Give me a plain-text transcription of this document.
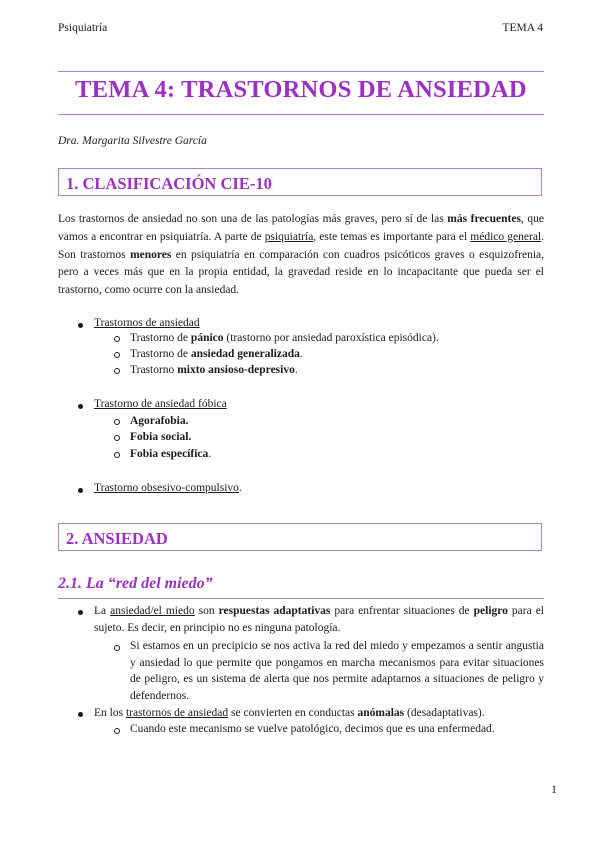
Psiquiatría	TEMA 4
TEMA 4: TRASTORNOS DE ANSIEDAD
Dra. Margarita Silvestre García
1. CLASIFICACIÓN CIE-10
Los trastornos de ansiedad no son una de las patologías más graves, pero sí de las más frecuentes, que vamos a encontrar en psiquiatría. A parte de psiquiatría, este temas es importante para el médico general. Son trastornos menores en psiquiatría en comparación con cuadros psicóticos graves o esquizofrenia, pero a veces más que en la propia entidad, la gravedad reside en lo incapacitante que pueda ser el trastorno, como ocurre con la ansiedad.
Trastornos de ansiedad
Trastorno de pánico (trastorno por ansiedad paroxística episódica).
Trastorno de ansiedad generalizada.
Trastorno mixto ansioso-depresivo.
Trastorno de ansiedad fóbica
Agorafobia.
Fobia social.
Fobia específica.
Trastorno obsesivo-compulsivo.
2. ANSIEDAD
2.1. La “red del miedo”
La ansiedad/el miedo son respuestas adaptativas para enfrentar situaciones de peligro para el sujeto. Es decir, en principio no es ninguna patología.
Si estamos en un precipicio se nos activa la red del miedo y empezamos a sentir angustia y ansiedad lo que permite que pongamos en marcha mecanismos para evitar situaciones de peligro, es un sistema de alerta que nos permite adaptarnos a situaciones de peligro y defendernos.
En los trastornos de ansiedad se convierten en conductas anómalas (desadaptativas).
Cuando este mecanismo se vuelve patológico, decimos que es una enfermedad.
1
